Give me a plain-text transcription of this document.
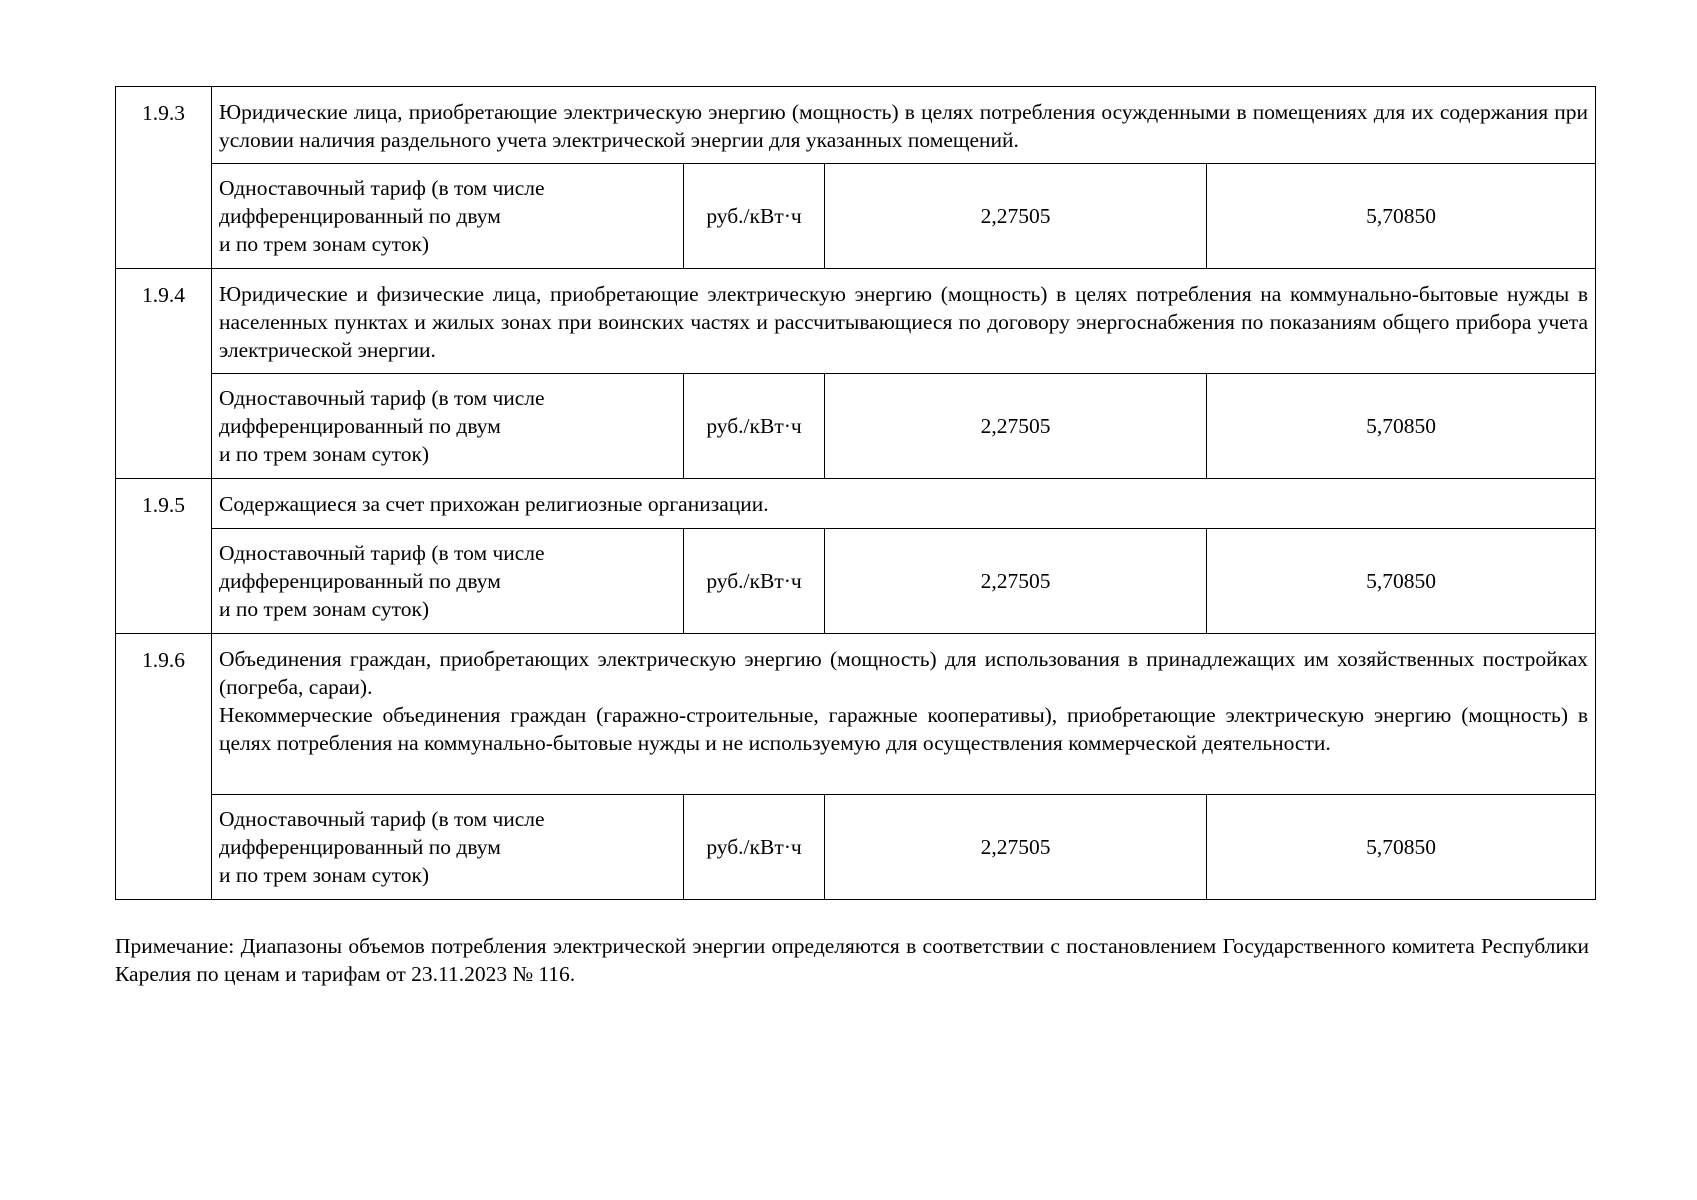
1.9.3	Юридические лица, приобретающие электрическую энергию (мощность) в целях потребления осужденными в помещениях для их содержания при условии наличия раздельного учета электрической энергии для указанных помещений.			

	Одноставочный тариф (в том числе
дифференцированный по двум
и по трем зонам суток)	руб./кВт·ч	2,27505	5,70850
1.9.4	Юридические и физические лица, приобретающие электрическую энергию (мощность) в целях потребления на коммунально-бытовые нужды в населенных пунктах и жилых зонах при воинских частях и рассчитывающиеся по договору энергоснабжения по показаниям общего прибора учета электрической энергии.			

	Одноставочный тариф (в том числе
дифференцированный по двум
и по трем зонам суток)	руб./кВт·ч	2,27505	5,70850
1.9.5	Содержащиеся за счет прихожан религиозные организации.			

	Одноставочный тариф (в том числе
дифференцированный по двум
и по трем зонам суток)	руб./кВт·ч	2,27505	5,70850
1.9.6	Объединения граждан, приобретающих электрическую энергию (мощность) для использования в принадлежащих им хозяйственных постройках (погреба, сараи).

Некоммерческие объединения граждан (гаражно-строительные, гаражные кооперативы), приобретающие электрическую энергию (мощность) в целях потребления на коммунально-бытовые нужды и не используемую для осуществления коммерческой деятельности.			

	Одноставочный тариф (в том числе
дифференцированный по двум
и по трем зонам суток)	руб./кВт·ч	2,27505	5,70850

Примечание: Диапазоны объемов потребления электрической энергии определяются в соответствии с постановлением Государственного комитета Республики Карелия по ценам и тарифам от 23.11.2023 № 116.
